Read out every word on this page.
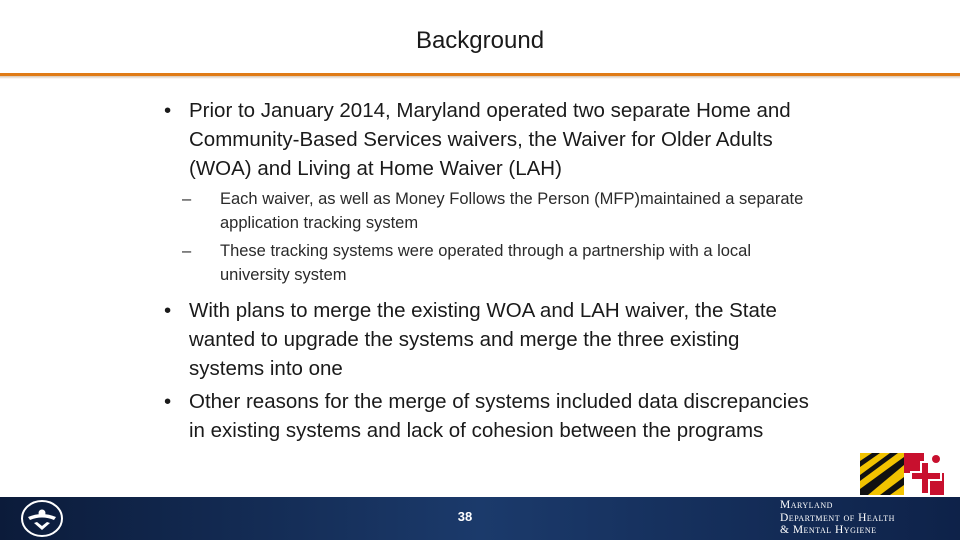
Background
• Prior to January 2014, Maryland operated two separate Home and Community-Based Services waivers, the Waiver for Older Adults (WOA) and Living at Home Waiver (LAH)
– Each waiver, as well as Money Follows the Person (MFP)maintained a separate application tracking system
– These tracking systems were operated through a partnership with a local university system
• With plans to merge the existing WOA and LAH waiver, the State wanted to upgrade the systems and merge the three existing systems into one
• Other reasons for the merge of systems included data discrepancies in existing systems and lack of cohesion between the programs
38
Maryland
Department of Health
& Mental Hygiene
